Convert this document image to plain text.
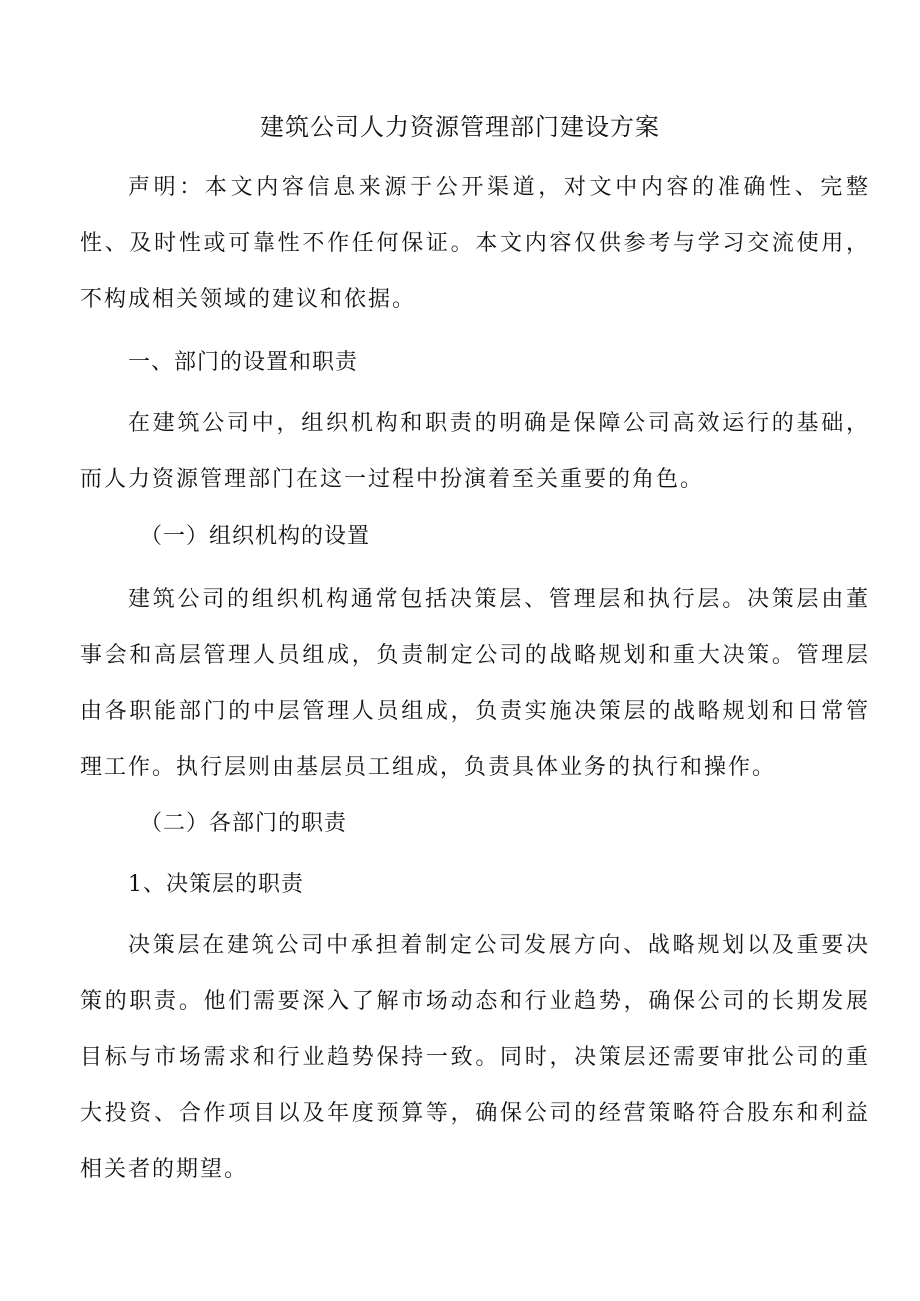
建筑公司人力资源管理部门建设方案

声明：本文内容信息来源于公开渠道，对文中内容的准确性、完整性、及时性或可靠性不作任何保证。本文内容仅供参考与学习交流使用，不构成相关领域的建议和依据。

一、部门的设置和职责

在建筑公司中，组织机构和职责的明确是保障公司高效运行的基础，而人力资源管理部门在这一过程中扮演着至关重要的角色。

（一）组织机构的设置

建筑公司的组织机构通常包括决策层、管理层和执行层。决策层由董事会和高层管理人员组成，负责制定公司的战略规划和重大决策。管理层由各职能部门的中层管理人员组成，负责实施决策层的战略规划和日常管理工作。执行层则由基层员工组成，负责具体业务的执行和操作。

（二）各部门的职责

1、决策层的职责

决策层在建筑公司中承担着制定公司发展方向、战略规划以及重要决策的职责。他们需要深入了解市场动态和行业趋势，确保公司的长期发展目标与市场需求和行业趋势保持一致。同时，决策层还需要审批公司的重大投资、合作项目以及年度预算等，确保公司的经营策略符合股东和利益相关者的期望。
